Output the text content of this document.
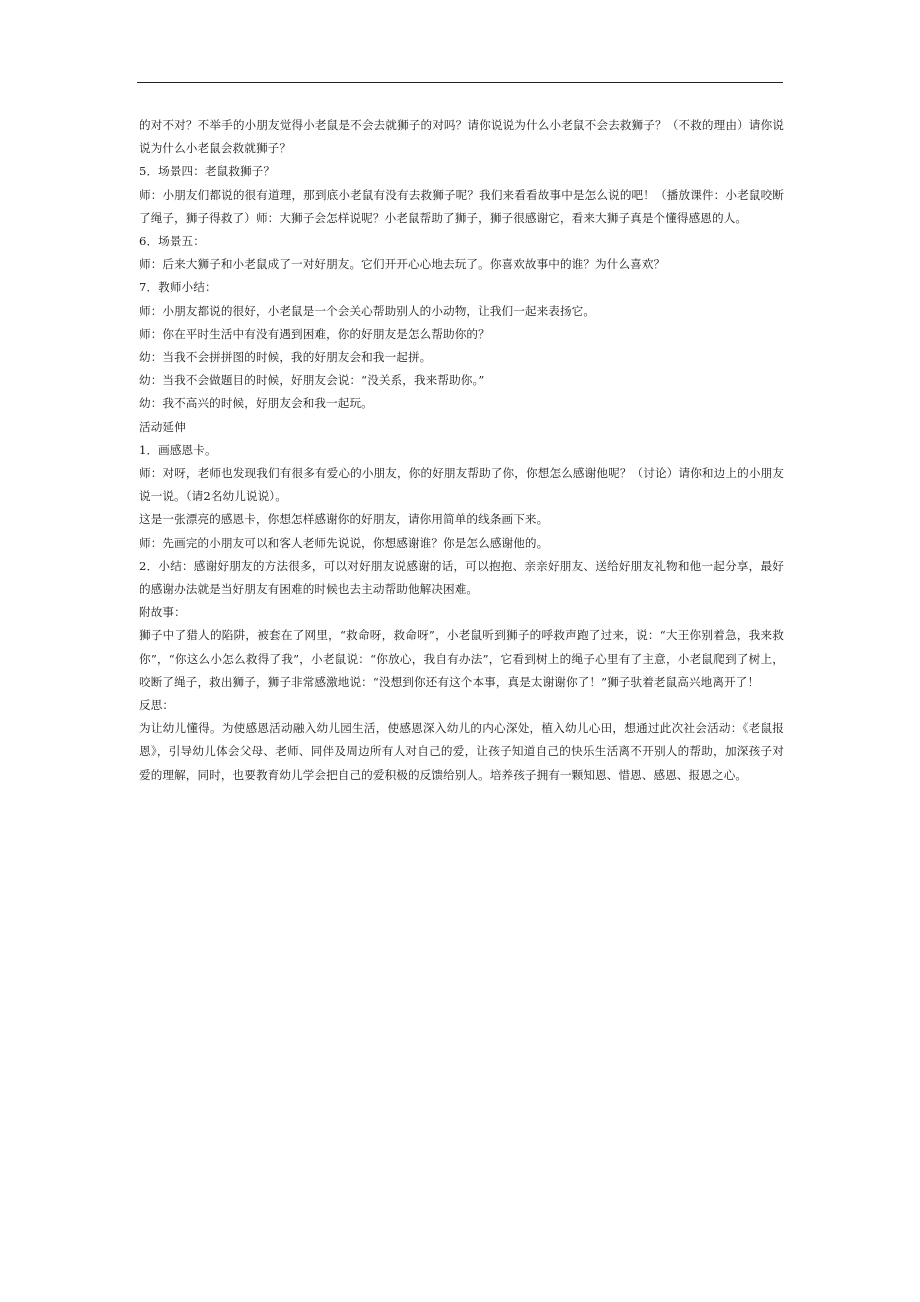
的对不对？不举手的小朋友觉得小老鼠是不会去就狮子的对吗？请你说说为什么小老鼠不会去救狮子？（不救的理由）请你说说为什么小老鼠会救就狮子？

5．场景四：老鼠救狮子？

师：小朋友们都说的很有道理，那到底小老鼠有没有去救狮子呢？我们来看看故事中是怎么说的吧！（播放课件：小老鼠咬断了绳子，狮子得救了）师：大狮子会怎样说呢？小老鼠帮助了狮子，狮子很感谢它，看来大狮子真是个懂得感恩的人。

6．场景五：

师：后来大狮子和小老鼠成了一对好朋友。它们开开心心地去玩了。你喜欢故事中的谁？为什么喜欢？

7．教师小结：

师：小朋友都说的很好，小老鼠是一个会关心帮助别人的小动物，让我们一起来表扬它。

师：你在平时生活中有没有遇到困难，你的好朋友是怎么帮助你的？

幼：当我不会拼拼图的时候，我的好朋友会和我一起拼。

幼：当我不会做题目的时候，好朋友会说：“没关系，我来帮助你。”

幼：我不高兴的时候，好朋友会和我一起玩。

活动延伸

1．画感恩卡。

师：对呀，老师也发现我们有很多有爱心的小朋友，你的好朋友帮助了你，你想怎么感谢他呢？（讨论）请你和边上的小朋友说一说。（请2名幼儿说说）。

这是一张漂亮的感恩卡，你想怎样感谢你的好朋友，请你用简单的线条画下来。

师：先画完的小朋友可以和客人老师先说说，你想感谢谁？你是怎么感谢他的。

2．小结：感谢好朋友的方法很多，可以对好朋友说感谢的话，可以抱抱、亲亲好朋友、送给好朋友礼物和他一起分享，最好的感谢办法就是当好朋友有困难的时候也去主动帮助他解决困难。

附故事：

狮子中了猎人的陷阱，被套在了网里，“救命呀，救命呀”，小老鼠听到狮子的呼救声跑了过来，说：“大王你别着急，我来救你”，“你这么小怎么救得了我”，小老鼠说：“你放心，我自有办法”，它看到树上的绳子心里有了主意，小老鼠爬到了树上，咬断了绳子，救出狮子，狮子非常感激地说：“没想到你还有这个本事，真是太谢谢你了！”狮子驮着老鼠高兴地离开了！

反思：

为让幼儿懂得。为使感恩活动融入幼儿园生活，使感恩深入幼儿的内心深处，植入幼儿心田，想通过此次社会活动：《老鼠报恩》，引导幼儿体会父母、老师、同伴及周边所有人对自己的爱，让孩子知道自己的快乐生活离不开别人的帮助，加深孩子对爱的理解，同时，也要教育幼儿学会把自己的爱积极的反馈给别人。培养孩子拥有一颗知恩、惜恩、感恩、报恩之心。
